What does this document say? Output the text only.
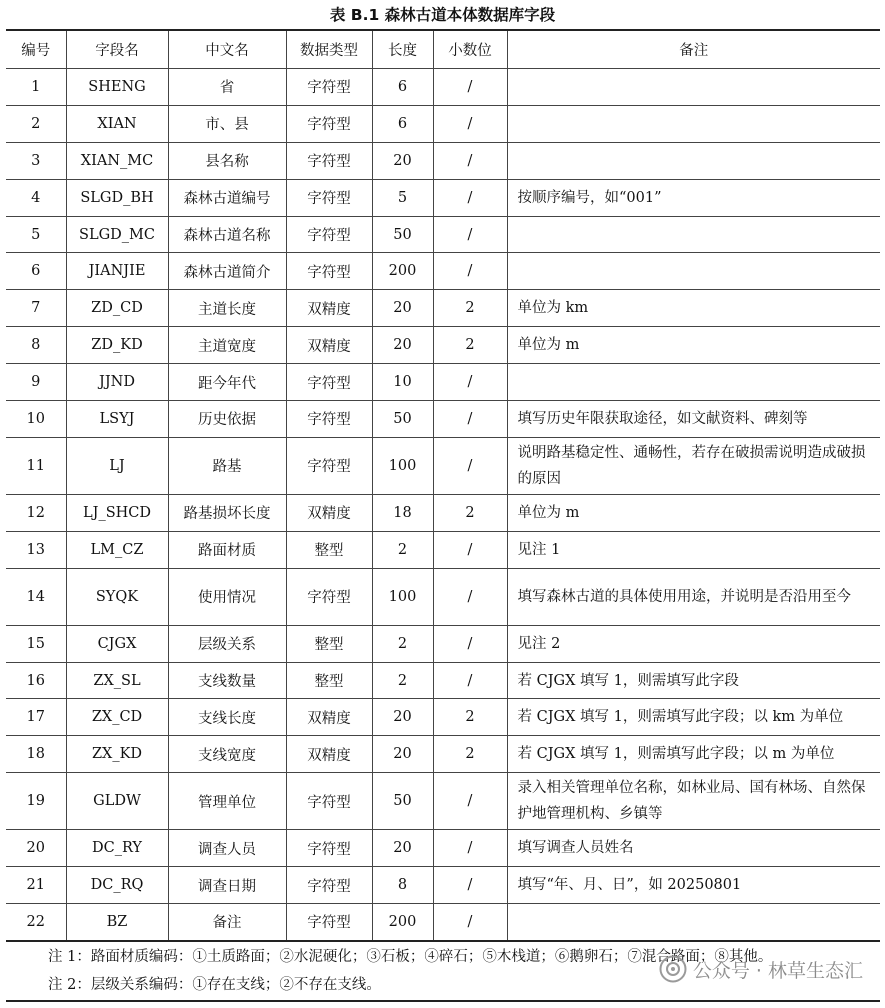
表 B.1 森林古道本体数据库字段
编号	字段名	中文名	数据类型	长度	小数位	备注
1	SHENG	省	字符型	6	/	
2	XIAN	市、县	字符型	6	/	
3	XIAN_MC	县名称	字符型	20	/	
4	SLGD_BH	森林古道编号	字符型	5	/	按顺序编号，如“001”
5	SLGD_MC	森林古道名称	字符型	50	/	
6	JIANJIE	森林古道简介	字符型	200	/	
7	ZD_CD	主道长度	双精度	20	2	单位为 km
8	ZD_KD	主道宽度	双精度	20	2	单位为 m
9	JJND	距今年代	字符型	10	/	
10	LSYJ	历史依据	字符型	50	/	填写历史年限获取途径，如文献资料、碑刻等
11	LJ	路基	字符型	100	/	说明路基稳定性、通畅性，若存在破损需说明造成破损的原因
12	LJ_SHCD	路基损坏长度	双精度	18	2	单位为 m
13	LM_CZ	路面材质	整型	2	/	见注 1
14	SYQK	使用情况	字符型	100	/	填写森林古道的具体使用用途，并说明是否沿用至今
15	CJGX	层级关系	整型	2	/	见注 2
16	ZX_SL	支线数量	整型	2	/	若 CJGX 填写 1，则需填写此字段
17	ZX_CD	支线长度	双精度	20	2	若 CJGX 填写 1，则需填写此字段；以 km 为单位
18	ZX_KD	支线宽度	双精度	20	2	若 CJGX 填写 1，则需填写此字段；以 m 为单位
19	GLDW	管理单位	字符型	50	/	录入相关管理单位名称，如林业局、国有林场、自然保护地管理机构、乡镇等
20	DC_RY	调查人员	字符型	20	/	填写调查人员姓名
21	DC_RQ	调查日期	字符型	8	/	填写“年、月、日”，如 20250801
22	BZ	备注	字符型	200	/	
注 1：路面材质编码：①土质路面；②水泥硬化；③石板；④碎石；⑤木栈道；⑥鹅卵石；⑦混合路面；⑧其他。
注 2：层级关系编码：①存在支线；②不存在支线。
公众号 · 林草生态汇
